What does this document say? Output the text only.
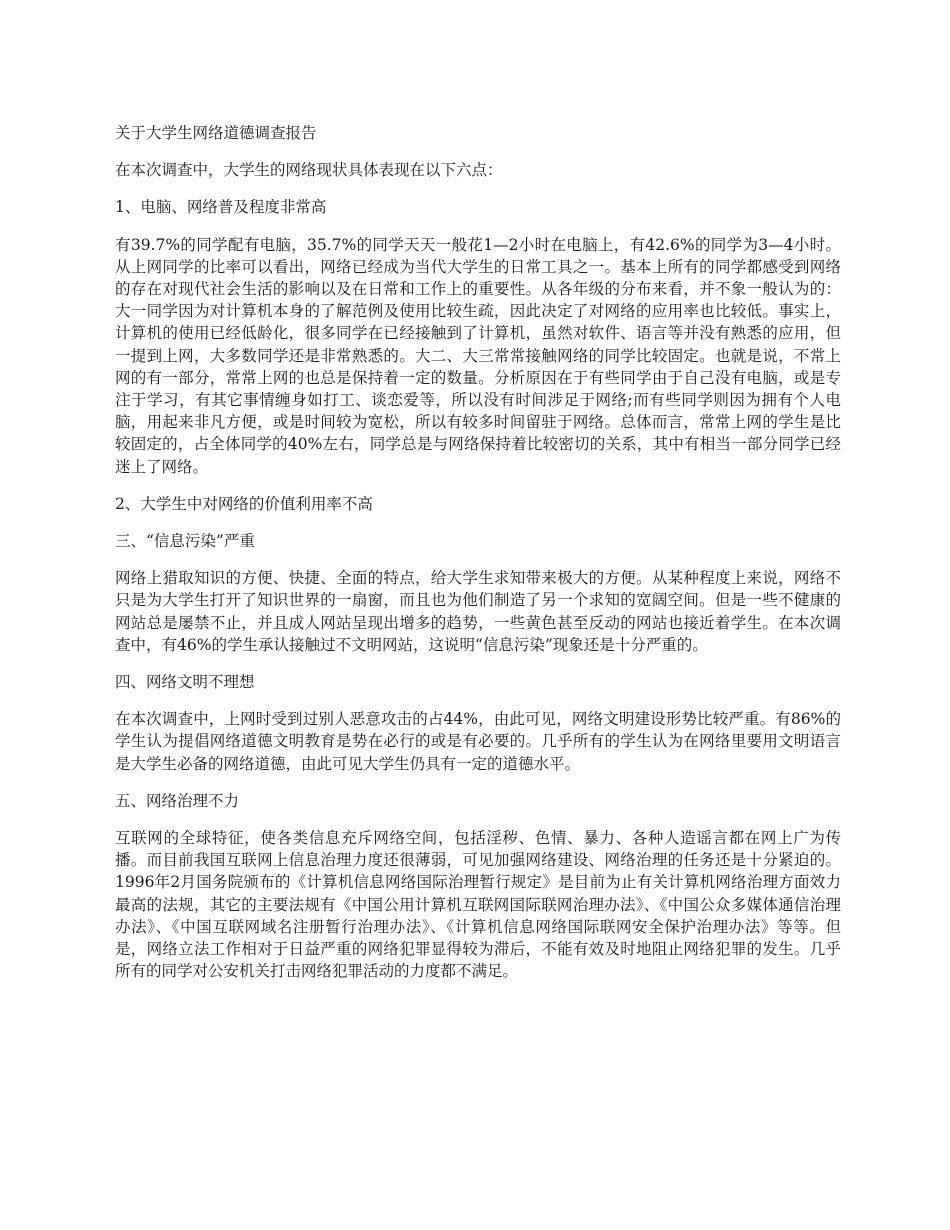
关于大学生网络道德调查报告

在本次调查中，大学生的网络现状具体表现在以下六点：

1、电脑、网络普及程度非常高

有39.7%的同学配有电脑，35.7%的同学天天一般花1—2小时在电脑上，有42.6%的同学为3—4小时。从上网同学的比率可以看出，网络已经成为当代大学生的日常工具之一。基本上所有的同学都感受到网络的存在对现代社会生活的影响以及在日常和工作上的重要性。从各年级的分布来看，并不象一般认为的：大一同学因为对计算机本身的了解范例及使用比较生疏，因此决定了对网络的应用率也比较低。事实上，计算机的使用已经低龄化，很多同学在已经接触到了计算机，虽然对软件、语言等并没有熟悉的应用，但一提到上网，大多数同学还是非常熟悉的。大二、大三常常接触网络的同学比较固定。也就是说，不常上网的有一部分，常常上网的也总是保持着一定的数量。分析原因在于有些同学由于自己没有电脑，或是专注于学习，有其它事情缠身如打工、谈恋爱等，所以没有时间涉足于网络;而有些同学则因为拥有个人电脑，用起来非凡方便，或是时间较为宽松，所以有较多时间留驻于网络。总体而言，常常上网的学生是比较固定的，占全体同学的40%左右，同学总是与网络保持着比较密切的关系，其中有相当一部分同学已经迷上了网络。

2、大学生中对网络的价值利用率不高

三、“信息污染”严重

网络上猎取知识的方便、快捷、全面的特点，给大学生求知带来极大的方便。从某种程度上来说，网络不只是为大学生打开了知识世界的一扇窗，而且也为他们制造了另一个求知的宽阔空间。但是一些不健康的网站总是屡禁不止，并且成人网站呈现出增多的趋势，一些黄色甚至反动的网站也接近着学生。在本次调查中，有46%的学生承认接触过不文明网站，这说明“信息污染”现象还是十分严重的。

四、网络文明不理想

在本次调查中，上网时受到过别人恶意攻击的占44%，由此可见，网络文明建设形势比较严重。有86%的学生认为提倡网络道德文明教育是势在必行的或是有必要的。几乎所有的学生认为在网络里要用文明语言是大学生必备的网络道德，由此可见大学生仍具有一定的道德水平。

五、网络治理不力

互联网的全球特征，使各类信息充斥网络空间，包括淫秽、色情、暴力、各种人造谣言都在网上广为传播。而目前我国互联网上信息治理力度还很薄弱，可见加强网络建设、网络治理的任务还是十分紧迫的。1996年2月国务院颁布的《计算机信息网络国际治理暂行规定》是目前为止有关计算机网络治理方面效力最高的法规，其它的主要法规有《中国公用计算机互联网国际联网治理办法》、《中国公众多媒体通信治理办法》、《中国互联网域名注册暂行治理办法》、《计算机信息网络国际联网安全保护治理办法》等等。但是，网络立法工作相对于日益严重的网络犯罪显得较为滞后，不能有效及时地阻止网络犯罪的发生。几乎所有的同学对公安机关打击网络犯罪活动的力度都不满足。
